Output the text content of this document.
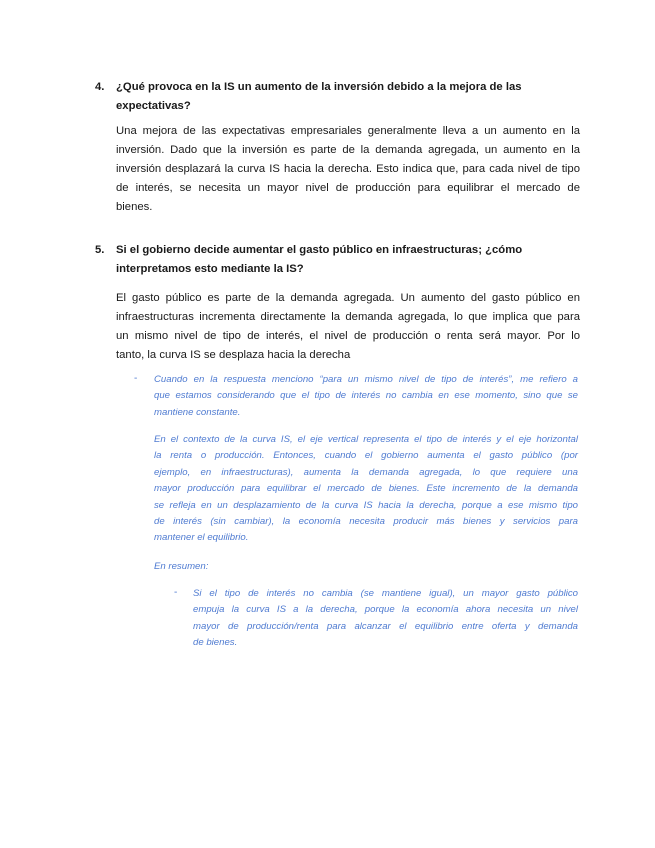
4. ¿Qué provoca en la IS un aumento de la inversión debido a la mejora de las
expectativas?
Una mejora de las expectativas empresariales generalmente lleva a un aumento en la
inversión. Dado que la inversión es parte de la demanda agregada, un aumento en la
inversión desplazará la curva IS hacia la derecha. Esto indica que, para cada nivel de tipo
de interés, se necesita un mayor nivel de producción para equilibrar el mercado de
bienes.
5. Si el gobierno decide aumentar el gasto público en infraestructuras; ¿cómo
interpretamos esto mediante la IS?
El gasto público es parte de la demanda agregada. Un aumento del gasto público en
infraestructuras incrementa directamente la demanda agregada, lo que implica que para
un mismo nivel de tipo de interés, el nivel de producción o renta será mayor. Por lo
tanto, la curva IS se desplaza hacia la derecha
- Cuando en la respuesta menciono “para un mismo nivel de tipo de interés”, me refiero a
que estamos considerando que el tipo de interés no cambia en ese momento, sino que se
mantiene constante.
En el contexto de la curva IS, el eje vertical representa el tipo de interés y el eje horizontal
la renta o producción. Entonces, cuando el gobierno aumenta el gasto público (por
ejemplo, en infraestructuras), aumenta la demanda agregada, lo que requiere una
mayor producción para equilibrar el mercado de bienes. Este incremento de la demanda
se refleja en un desplazamiento de la curva IS hacia la derecha, porque a ese mismo tipo
de interés (sin cambiar), la economía necesita producir más bienes y servicios para
mantener el equilibrio.
En resumen:
- Si el tipo de interés no cambia (se mantiene igual), un mayor gasto público
empuja la curva IS a la derecha, porque la economía ahora necesita un nivel
mayor de producción/renta para alcanzar el equilibrio entre oferta y demanda
de bienes.
